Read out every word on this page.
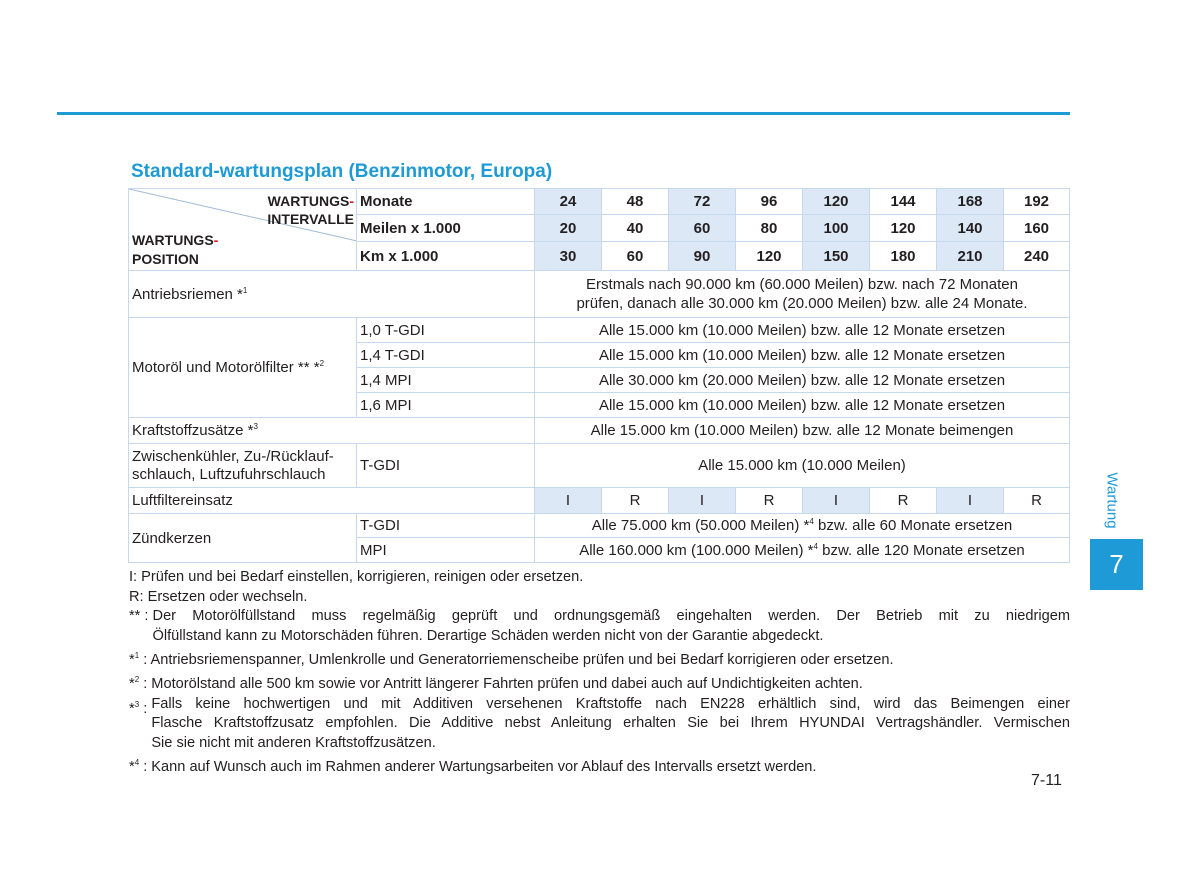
Standard-wartungsplan (Benzinmotor, Europa)
WARTUNGS-
INTERVALLE
WARTUNGS-
POSITION	Monate	24	48	72	96	120	144	168	192
	Meilen x 1.000	20	40	60	80	100	120	140	160
	Km x 1.000	30	60	90	120	150	180	210	240
Antriebsriemen *$^1$		Erstmals nach 90.000 km (60.000 Meilen) bzw. nach 72 Monaten
prüfen, danach alle 30.000 km (20.000 Meilen) bzw. alle 24 Monate.							
Motoröl und Motorölfilter ** *$^2$	1,0 T-GDI	Alle 15.000 km (10.000 Meilen) bzw. alle 12 Monate ersetzen							
	1,4 T-GDI	Alle 15.000 km (10.000 Meilen) bzw. alle 12 Monate ersetzen							
	1,4 MPI	Alle 30.000 km (20.000 Meilen) bzw. alle 12 Monate ersetzen							
	1,6 MPI	Alle 15.000 km (10.000 Meilen) bzw. alle 12 Monate ersetzen							
Kraftstoffzusätze *$^3$		Alle 15.000 km (10.000 Meilen) bzw. alle 12 Monate beimengen							
Zwischenkühler, Zu-/Rücklauf-
schlauch, Luftzufuhrschlauch	T-GDI	Alle 15.000 km (10.000 Meilen)							
Luftfiltereinsatz		I	R	I	R	I	R	I	R
Zündkerzen	T-GDI	Alle 75.000 km (50.000 Meilen) *$^4$ bzw. alle 60 Monate ersetzen							
	MPI	Alle 160.000 km (100.000 Meilen) *$^4$ bzw. alle 120 Monate ersetzen							
I: Prüfen und bei Bedarf einstellen, korrigieren, reinigen oder ersetzen.
R: Ersetzen oder wechseln.
** : Der Motorölfüllstand muss regelmäßig geprüft und ordnungsgemäß eingehalten werden. Der Betrieb mit zu niedrigem
Ölfüllstand kann zu Motorschäden führen. Derartige Schäden werden nicht von der Garantie abgedeckt.
*$^1$ : Antriebsriemenspanner, Umlenkrolle und Generatorriemenscheibe prüfen und bei Bedarf korrigieren oder ersetzen.
*$^2$ : Motorölstand alle 500 km sowie vor Antritt längerer Fahrten prüfen und dabei auch auf Undichtigkeiten achten.
*$^3$ : Falls keine hochwertigen und mit Additiven versehenen Kraftstoffe nach EN228 erhältlich sind, wird das Beimengen einer
Flasche Kraftstoffzusatz empfohlen. Die Additive nebst Anleitung erhalten Sie bei Ihrem HYUNDAI Vertragshändler. Vermischen
Sie sie nicht mit anderen Kraftstoffzusätzen.
*$^4$ : Kann auf Wunsch auch im Rahmen anderer Wartungsarbeiten vor Ablauf des Intervalls ersetzt werden.
7-11
Wartung
7
